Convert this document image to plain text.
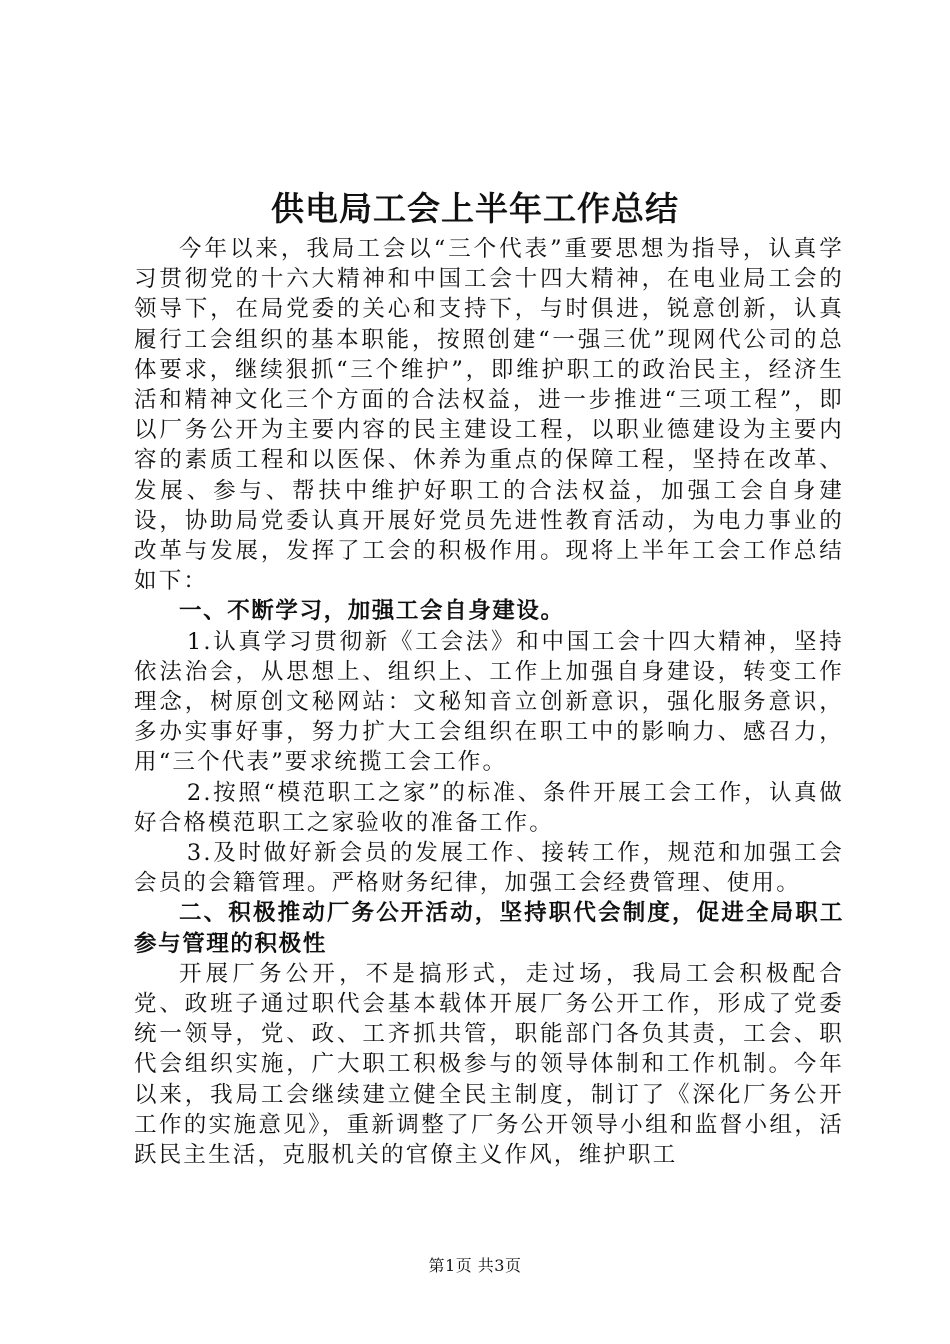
供电局工会上半年工作总结

今年以来，我局工会以“三个代表”重要思想为指导，认真学习贯彻党的十六大精神和中国工会十四大精神，在电业局工会的领导下，在局党委的关心和支持下，与时俱进，锐意创新，认真履行工会组织的基本职能，按照创建“一强三优”现网代公司的总体要求，继续狠抓“三个维护”，即维护职工的政治民主，经济生活和精神文化三个方面的合法权益，进一步推进“三项工程”，即以厂务公开为主要内容的民主建设工程，以职业德建设为主要内容的素质工程和以医保、休养为重点的保障工程，坚持在改革、发展、参与、帮扶中维护好职工的合法权益，加强工会自身建设，协助局党委认真开展好党员先进性教育活动，为电力事业的改革与发展，发挥了工会的积极作用。现将上半年工会工作总结如下：

一、不断学习，加强工会自身建设。

1.认真学习贯彻新《工会法》和中国工会十四大精神，坚持依法治会，从思想上、组织上、工作上加强自身建设，转变工作理念，树原创文秘网站：文秘知音立创新意识，强化服务意识，多办实事好事，努力扩大工会组织在职工中的影响力、感召力，用“三个代表”要求统揽工会工作。

2.按照“模范职工之家”的标准、条件开展工会工作，认真做好合格模范职工之家验收的准备工作。

3.及时做好新会员的发展工作、接转工作，规范和加强工会会员的会籍管理。严格财务纪律，加强工会经费管理、使用。

二、积极推动厂务公开活动，坚持职代会制度，促进全局职工参与管理的积极性

开展厂务公开，不是搞形式，走过场，我局工会积极配合党、政班子通过职代会基本载体开展厂务公开工作，形成了党委统一领导，党、政、工齐抓共管，职能部门各负其责，工会、职代会组织实施，广大职工积极参与的领导体制和工作机制。今年以来，我局工会继续建立健全民主制度，制订了《深化厂务公开工作的实施意见》，重新调整了厂务公开领导小组和监督小组，活跃民主生活，克服机关的官僚主义作风，维护职工

第1页 共3页
